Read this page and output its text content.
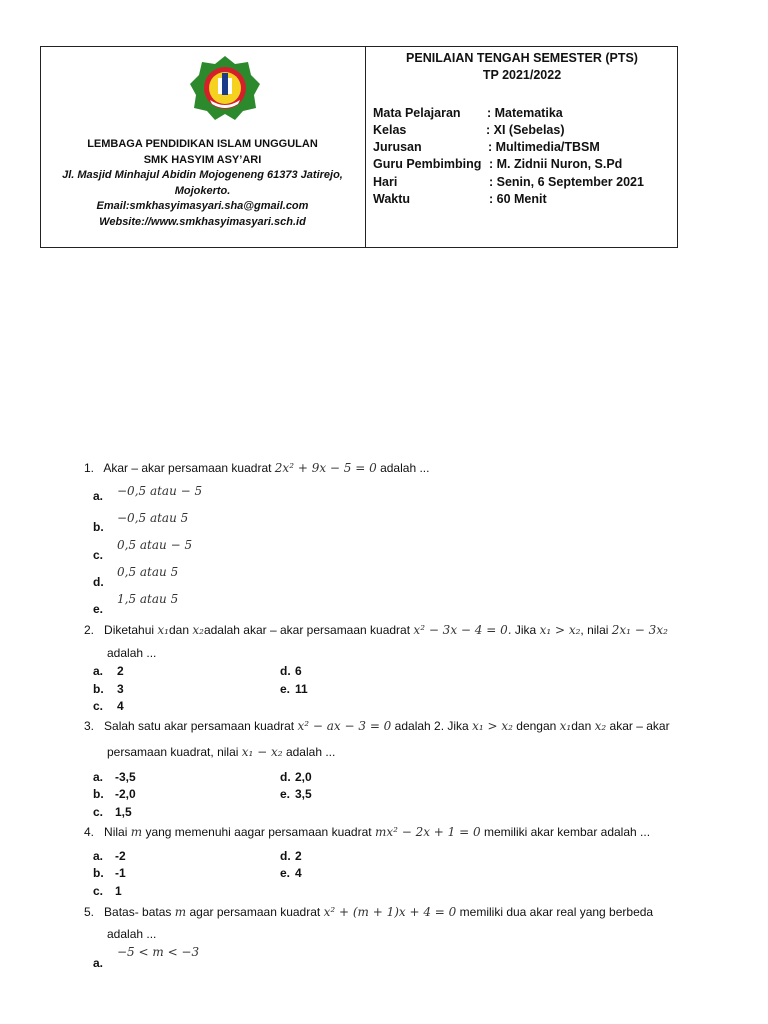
LEMBAGA PENDIDIKAN ISLAM UNGGULAN
SMK HASYIM ASY’ARI
Jl. Masjid Minhajul Abidin Mojogeneng 61373 Jatirejo,
Mojokerto.
Email:smkhasyimasyari.sha@gmail.com
Website://www.smkhasyimasyari.sch.id
PENILAIAN TENGAH SEMESTER (PTS)
TP 2021/2022
Mata Pelajaran : Matematika
Kelas	: XI (Sebelas)
Jurusan	: Multimedia/TBSM
Guru Pembimbing : M. Zidnii Nuron, S.Pd
Hari	: Senin, 6 September 2021
Waktu	: 60 Menit
1. Akar – akar persamaan kuadrat 2x² + 9x − 5 = 0 adalah ...
a. −0,5 atau − 5
b.
−0,5 atau 5
c.
0,5 atau − 5
d.
0,5 atau 5
e.
1,5 atau 5
2. Diketahui x₁dan x₂adalah akar – akar persamaan kuadrat x² − 3x − 4 = 0. Jika x₁ > x₂, nilai 2x₁ − 3x₂
adalah ...
a. 2	d. 6
b. 3	e. 11
c. 4
3. Salah satu akar persamaan kuadrat x² − ax − 3 = 0 adalah 2. Jika x₁ > x₂ dengan x₁dan x₂ akar – akar
persamaan kuadrat, nilai x₁ − x₂ adalah ...
a. -3,5	d. 2,0
b. -2,0	e. 3,5
c. 1,5
4. Nilai m yang memenuhi aagar persamaan kuadrat mx² − 2x + 1 = 0 memiliki akar kembar adalah ...
a. -2	d. 2
b. -1	e. 4
c. 1
5. Batas- batas m agar persamaan kuadrat x² + (m + 1)x + 4 = 0 memiliki dua akar real yang berbeda
adalah ...
a.
−5 < m < −3
